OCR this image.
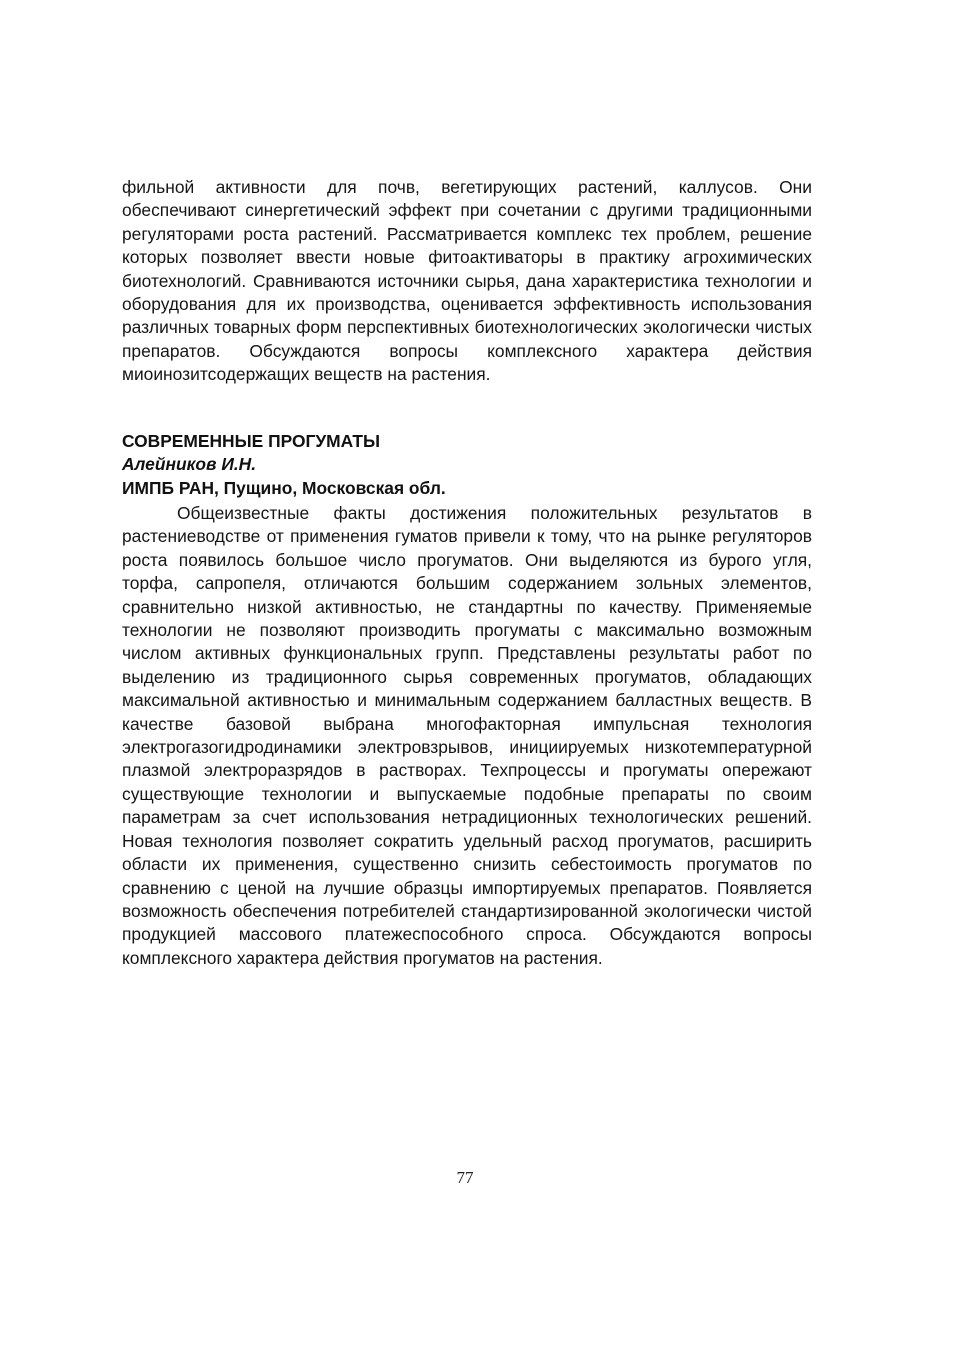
фильной активности для почв, вегетирующих растений, каллусов. Они обеспечивают синергетический эффект при сочетании с другими традиционными регуляторами роста растений. Рассматривается комплекс тех проблем, решение которых позволяет ввести новые фитоактиваторы в практику агрохимических биотехнологий. Сравниваются источники сырья, дана характеристика технологии и оборудования для их производства, оценивается эффективность использования различных товарных форм перспективных биотехнологических экологически чистых препаратов. Обсуждаются вопросы комплексного характера действия миоинозитсодержащих веществ на растения.

СОВРЕМЕННЫЕ ПРОГУМАТЫ

Алейников И.Н.

ИМПБ РАН, Пущино, Московская обл.

Общеизвестные факты достижения положительных результатов в растениеводстве от применения гуматов привели к тому, что на рынке регуляторов роста появилось большое число прогуматов. Они выделяются из бурого угля, торфа, сапропеля, отличаются большим содержанием зольных элементов, сравнительно низкой активностью, не стандартны по качеству. Применяемые технологии не позволяют производить прогуматы с максимально возможным числом активных функциональных групп. Представлены результаты работ по выделению из традиционного сырья современных прогуматов, обладающих максимальной активностью и минимальным содержанием балластных веществ. В качестве базовой выбрана многофакторная импульсная технология электрогазогидродинамики электровзрывов, инициируемых низкотемпературной плазмой электроразрядов в растворах. Техпроцессы и прогуматы опережают существующие технологии и выпускаемые подобные препараты по своим параметрам за счет использования нетрадиционных технологических решений. Новая технология позволяет сократить удельный расход прогуматов, расширить области их применения, существенно снизить себестоимость прогуматов по сравнению с ценой на лучшие образцы импортируемых препаратов. Появляется возможность обеспечения потребителей стандартизированной экологически чистой продукцией массового платежеспособного спроса. Обсуждаются вопросы комплексного характера действия прогуматов на растения.

77
